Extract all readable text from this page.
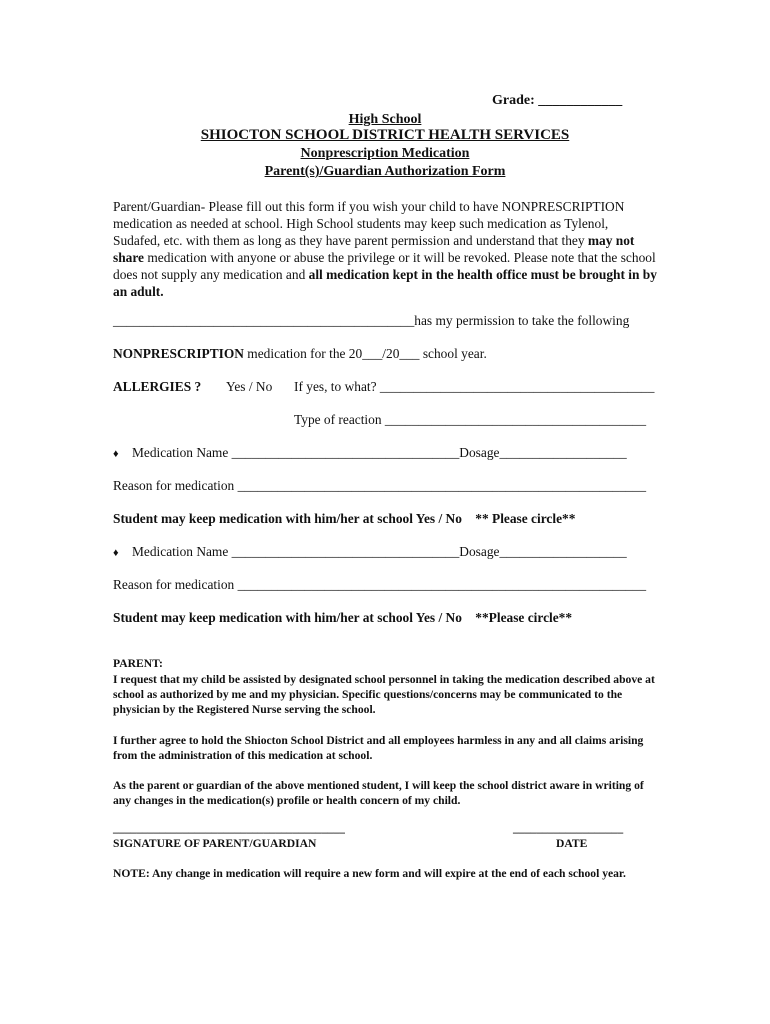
Grade: ____________
High School
SHIOCTON SCHOOL DISTRICT HEALTH SERVICES
Nonprescription Medication
Parent(s)/Guardian Authorization Form
Parent/Guardian- Please fill out this form if you wish your child to have NONPRESCRIPTION medication as needed at school. High School students may keep such medication as Tylenol, Sudafed, etc. with them as long as they have parent permission and understand that they may not share medication with anyone or abuse the privilege or it will be revoked. Please note that the school does not supply any medication and all medication kept in the health office must be brought in by an adult.
_____________________________________________has my permission to take the following
NONPRESCRIPTION medication for the 20___/20___ school year.
ALLERGIES ? Yes / No If yes, to what? _________________________________________
Type of reaction _______________________________________
♦ Medication Name __________________________________Dosage___________________
Reason for medication _____________________________________________________________
Student may keep medication with him/her at school Yes / No ** Please circle**
♦ Medication Name __________________________________Dosage___________________
Reason for medication _____________________________________________________________
Student may keep medication with him/her at school Yes / No **Please circle**
PARENT:
I request that my child be assisted by designated school personnel in taking the medication described above at school as authorized by me and my physician. Specific questions/concerns may be communicated to the physician by the Registered Nurse serving the school.
I further agree to hold the Shiocton School District and all employees harmless in any and all claims arising from the administration of this medication at school.
As the parent or guardian of the above mentioned student, I will keep the school district aware in writing of any changes in the medication(s) profile or health concern of my child.
________________________________________
SIGNATURE OF PARENT/GUARDIAN
___________________
DATE
NOTE: Any change in medication will require a new form and will expire at the end of each school year.
